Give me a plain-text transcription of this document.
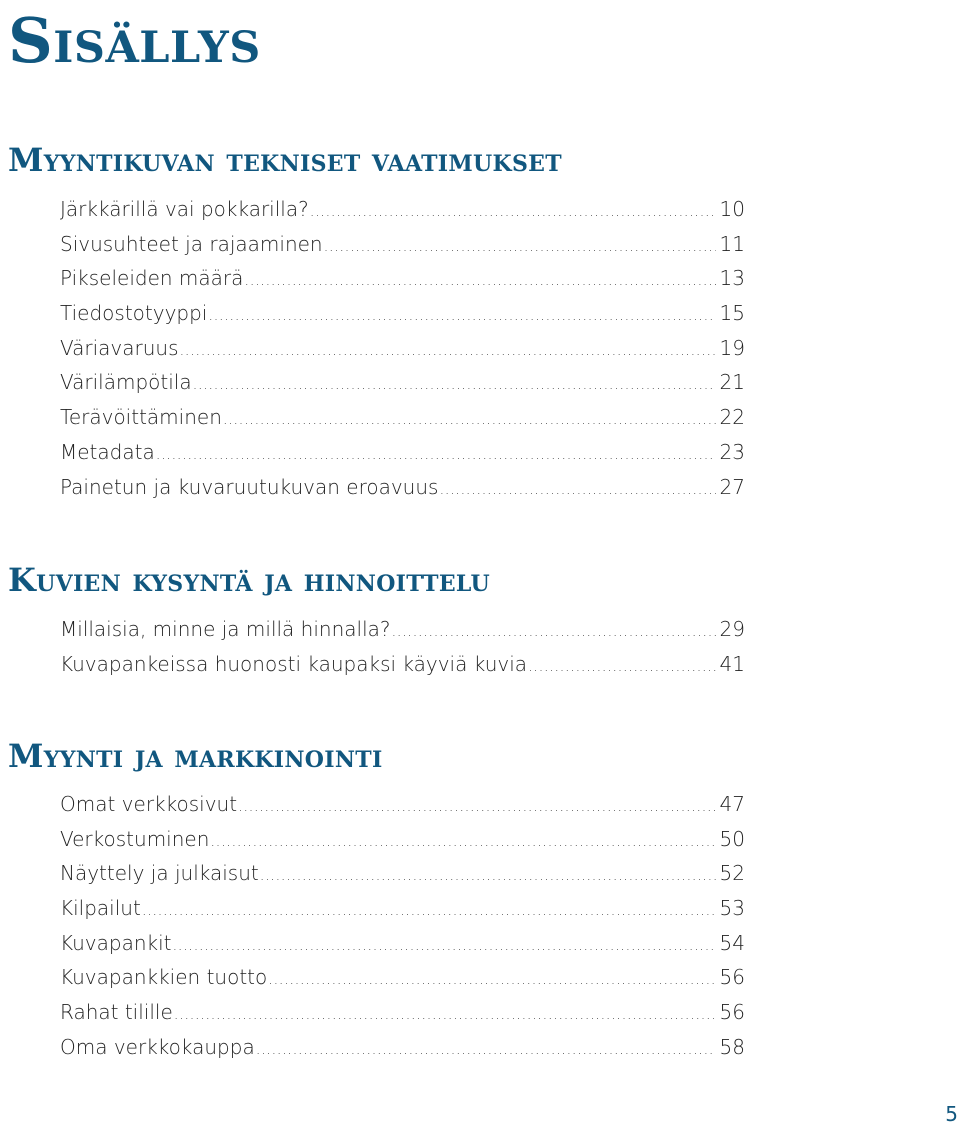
Sisällys
Myyntikuvan tekniset vaatimukset
Järkkärillä vai pokkarilla? .....	10
Sivusuhteet ja rajaaminen .....	11
Pikseleiden määrä .....	13
Tiedostotyyppi .....	15
Väriavaruus .....	19
Värilämpötila .....	21
Terävöittäminen .....	22
Metadata .....	23
Painetun ja kuvaruutukuvan eroavuus .....	27
Kuvien kysyntä ja hinnoittelu
Millaisia, minne ja millä hinnalla? .....	29
Kuvapankeissa huonosti kaupaksi käyviä kuvia .....	41
Myynti ja markkinointi
Omat verkkosivut .....	47
Verkostuminen .....	50
Näyttely ja julkaisut .....	52
Kilpailut .....	53
Kuvapankit .....	54
Kuvapankkien tuotto .....	56
Rahat tilille .....	56
Oma verkkokauppa .....	58

5
